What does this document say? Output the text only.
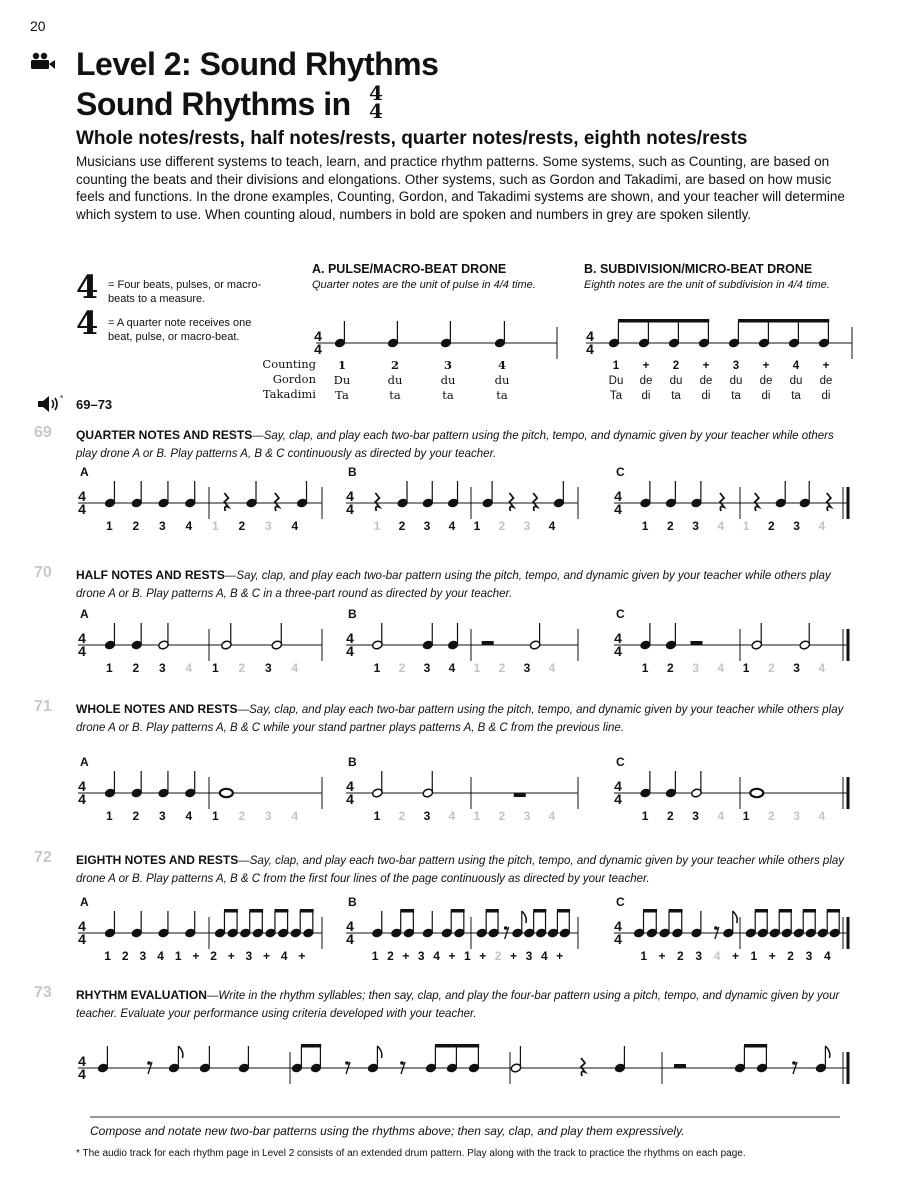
20
Level 2: Sound Rhythms
Sound Rhythms in 4
4
Whole notes/rests, half notes/rests, quarter notes/rests, eighth notes/rests
Musicians use different systems to teach, learn, and practice rhythm patterns. Some systems, such as Counting, are based on counting the beats and their divisions and elongations. Other systems, such as Gordon and Takadimi, are based on how music feels and functions. In the drone examples, Counting, Gordon, and Takadimi systems are shown, and your teacher will determine which system to use. When counting aloud, numbers in bold are spoken and numbers in grey are spoken silently.
4 = Four beats, pulses, or macro-beats to a measure.
4 = A quarter note receives one beat, pulse, or macro-beat.
A. PULSE/MACRO-BEAT DRONE
Quarter notes are the unit of pulse in 4/4 time.
B. SUBDIVISION/MICRO-BEAT DRONE
Eighth notes are the unit of subdivision in 4/4 time.
Counting
Gordon
Takadimi
* 69–73
4
4
1	2	3	4
Du	du	du	du
Ta	ta	ta	ta
4
4
1 + 2 + 3 + 4 +
Du de du de du de du de
Ta di ta di ta di ta di
A
4
4
1 2 3 4 1 2 3 4
B
4
4
1 2 3 4 1 2 3 4
C
4
4
1 2 3 4 1 2 3 4
A
4
4
1 2 3 4 1 2 3 4
B
4
4
1 2 3 4 1 2 3 4
C
4
4
1 2 3 4 1 2 3 4
A
4
4
1 2 3 4 1 2 3 4
B
4
4
1 2 3 4 1 2 3 4
C
4
4
1 2 3 4 1 2 3 4
A
4
4
1 2 3 4 1 + 2 + 3 + 4 +
B
4
4
1 2 + 3 4 + 1 + 2 + 3 4 +
C
4
4
1 + 2 3 4 + 1 + 2 3 4
4
4
69 QUARTER NOTES AND RESTS—Say, clap, and play each two-bar pattern using the pitch, tempo, and dynamic given by your teacher while others play drone A or B. Play patterns A, B & C continuously as directed by your teacher.
70 HALF NOTES AND RESTS—Say, clap, and play each two-bar pattern using the pitch, tempo, and dynamic given by your teacher while others play drone A or B. Play patterns A, B & C in a three-part round as directed by your teacher.
71 WHOLE NOTES AND RESTS—Say, clap, and play each two-bar pattern using the pitch, tempo, and dynamic given by your teacher while others play drone A or B. Play patterns A, B & C while your stand partner plays patterns A, B & C from the previous line.
72 EIGHTH NOTES AND RESTS—Say, clap, and play each two-bar pattern using the pitch, tempo, and dynamic given by your teacher while others play drone A or B. Play patterns A, B & C from the first four lines of the page continuously as directed by your teacher.
73 RHYTHM EVALUATION—Write in the rhythm syllables; then say, clap, and play the four-bar pattern using a pitch, tempo, and dynamic given by your teacher. Evaluate your performance using criteria developed with your teacher.
Compose and notate new two-bar patterns using the rhythms above; then say, clap, and play them expressively.
* The audio track for each rhythm page in Level 2 consists of an extended drum pattern. Play along with the track to practice the rhythms on each page.
